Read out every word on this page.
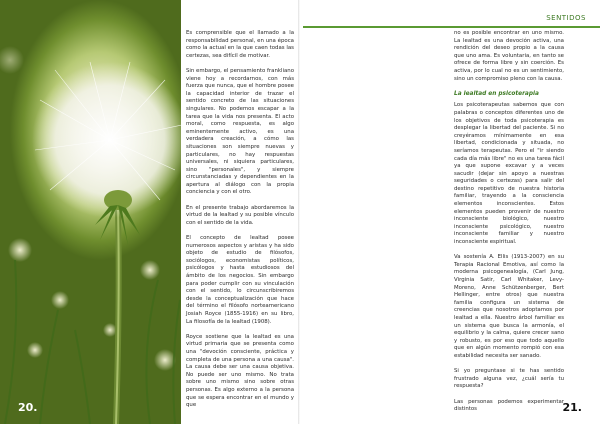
20.

Es comprensible que el llamado a la responsabilidad personal, en una época como la actual en la que caen todas las certezas, sea difícil de motivar.

Sin embargo, el pensamiento frankliano viene hoy a recordarnos, con más fuerza que nunca, que el hombre posee la capacidad interior de trazar el sentido concreto de las situaciones singulares. No podemos escapar a la tarea que la vida nos presenta. El acto moral, como respuesta, es algo eminentemente activo, es una verdadera creación, a cómo las situaciones son siempre nuevas y particulares, no hay respuestas universales, ni siquiera particulares, sino "personales", y siempre circunstanciadas y dependientes en la apertura al diálogo con la propia conciencia y con el otro.

En el presente trabajo abordaremos la virtud de la lealtad y su posible vínculo con el sentido de la vida.

El concepto de lealtad posee numerosos aspectos y aristas y ha sido objeto de estudio de filósofos, sociólogos, economistas políticos, psicólogos y hasta estudiosos del ámbito de los negocios. Sin embargo para poder cumplir con su vinculación con el sentido, lo circunscribiremos desde la conceptualización que hace del término el filósofo norteamericano Josiah Royce (1855-1916) en su libro, La filosofía de la lealtad (1908).

Royce sostiene que la lealtad es una virtud primaria que se presenta como una "devoción consciente, práctica y completa de una persona a una causa". La causa debe ser una causa objetiva. No puede ser uno mismo. No trata sobre uno mismo sino sobre otras personas. Es algo externo a la persona que se espera encontrar en el mundo y que

SENTIDOS

no es posible encontrar en uno mismo. La lealtad es una devoción activa, una rendición del deseo propio a la causa que uno ama. Es voluntaria, en tanto se ofrece de forma libre y sin coerción. Es activa, por lo cual no es un sentimiento, sino un compromiso pleno con la causa.

La lealtad en psicoterapia

Los psicoterapeutas sabemos que con palabras o conceptos diferentes uno de los objetivos de toda psicoterapia es desplegar la libertad del paciente. Si no creyéramos mínimamente en esa libertad, condicionada y situada, no seríamos terapeutas. Pero el "ir siendo cada día más libre" no es una tarea fácil ya que supone excavar y a veces sacudir (dejar sin apoyo a nuestras seguridades o certezas) para salir del destino repetitivo de nuestra historia familiar, trayendo a la consciencia elementos inconscientes. Estos elementos pueden provenir de nuestro inconsciente biológico, nuestro inconsciente psicológico, nuestro inconsciente familiar y nuestro inconsciente espiritual.

Va sostenía A. Ellis (1913-2007) en su Terapia Racional Emotiva, así como la moderna psicogenealogía, (Carl Jung, Virginia Satir, Carl Whitaker, Levy-Moreno, Anne Schützenberger, Bert Hellinger, entre otros) que nuestra familia configura un sistema de creencias que nosotros adoptamos por lealtad a ella. Nuestro árbol familiar es un sistema que busca la armonía, el equilibrio y la calma, quiere crecer sano y robusto, es por eso que todo aquello que en algún momento rompió con esa estabilidad necesita ser sanado.

Si yo preguntase si te has sentido frustrado alguna vez, ¿cuál sería tu respuesta?

Las personas podemos experimentar distintos	21.
